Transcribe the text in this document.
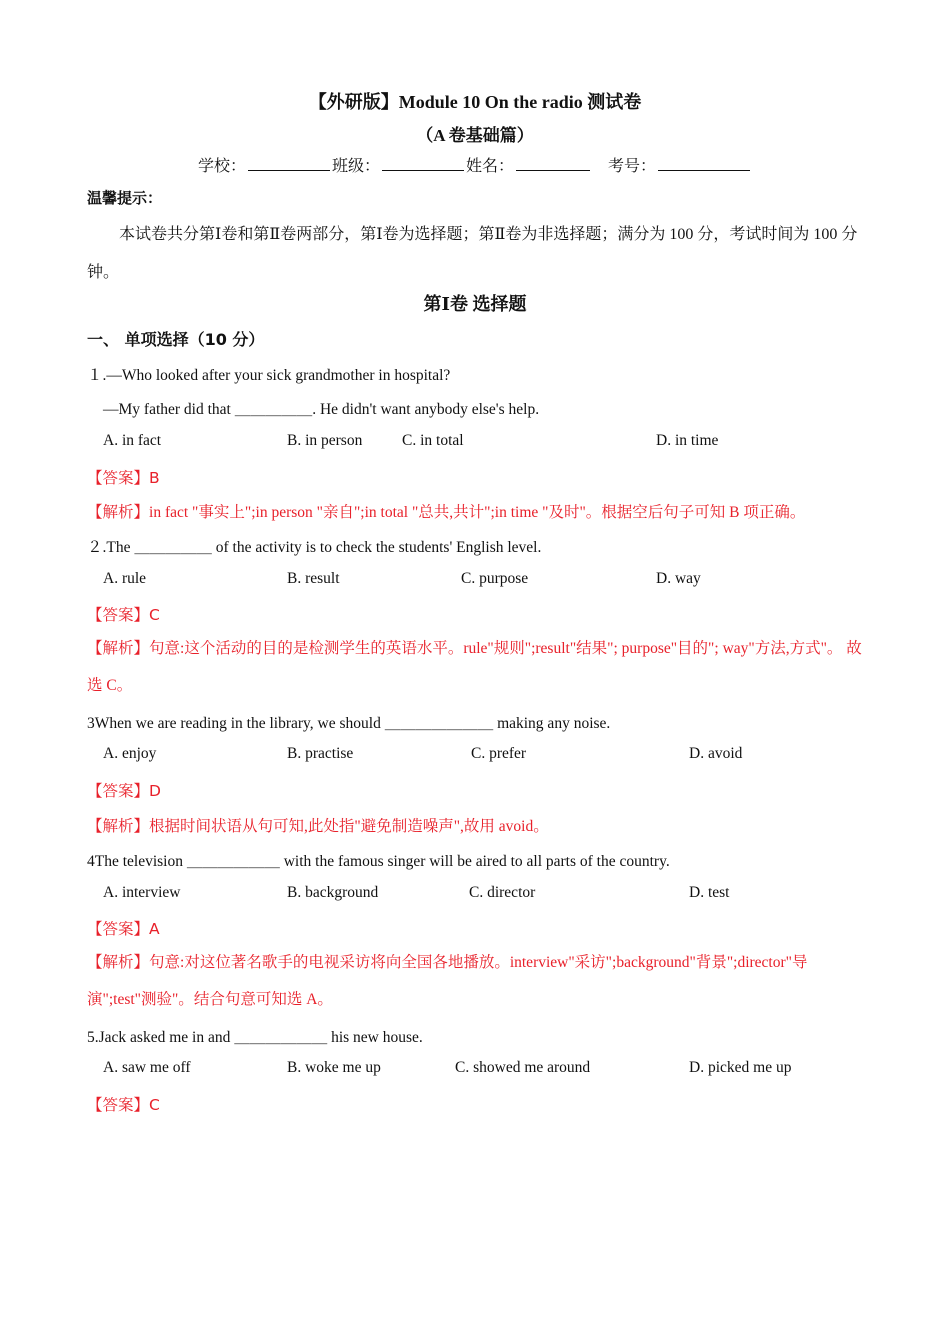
【外研版】Module 10 On the radio 测试卷
（A 卷基础篇）
学校：	班级：	姓名：	考号：
温馨提示：
本试卷共分第Ⅰ卷和第Ⅱ卷两部分，第Ⅰ卷为选择题；第Ⅱ卷为非选择题；满分为 100 分，考试时间为 100 分钟。
第Ⅰ卷 选择题
一、 单项选择（10 分）
１.—Who looked after your sick grandmother in hospital?
—My father did that ＿＿＿＿＿. He didn't want anybody else's help.
A. in fact	B. in person	C. in total	D. in time
【答案】B
【解析】in fact "事实上";in person "亲自";in total "总共,共计";in time "及时"。根据空后句子可知 B 项正确。
２.The ＿＿＿＿＿ of the activity is to check the students' English level.
A. rule	B. result	C. purpose	D. way
【答案】C
【解析】句意:这个活动的目的是检测学生的英语水平。rule"规则";result"结果"; purpose"目的"; way"方法,方式"。 故选 C。
3When we are reading in the library, we should ＿＿＿＿＿＿＿ making any noise.
A. enjoy	B. practise	C. prefer	D. avoid
【答案】D
【解析】根据时间状语从句可知,此处指"避免制造噪声",故用 avoid。
4The television ＿＿＿＿＿＿ with the famous singer will be aired to all parts of the country.
A. interview	B. background	C. director	D. test
【答案】A
【解析】句意:对这位著名歌手的电视采访将向全国各地播放。interview"采访";background"背景";director"导演";test"测验"。结合句意可知选 A。
5.Jack asked me in and ＿＿＿＿＿＿ his new house.
A. saw me off	B. woke me up	C. showed me around	D. picked me up
【答案】C
